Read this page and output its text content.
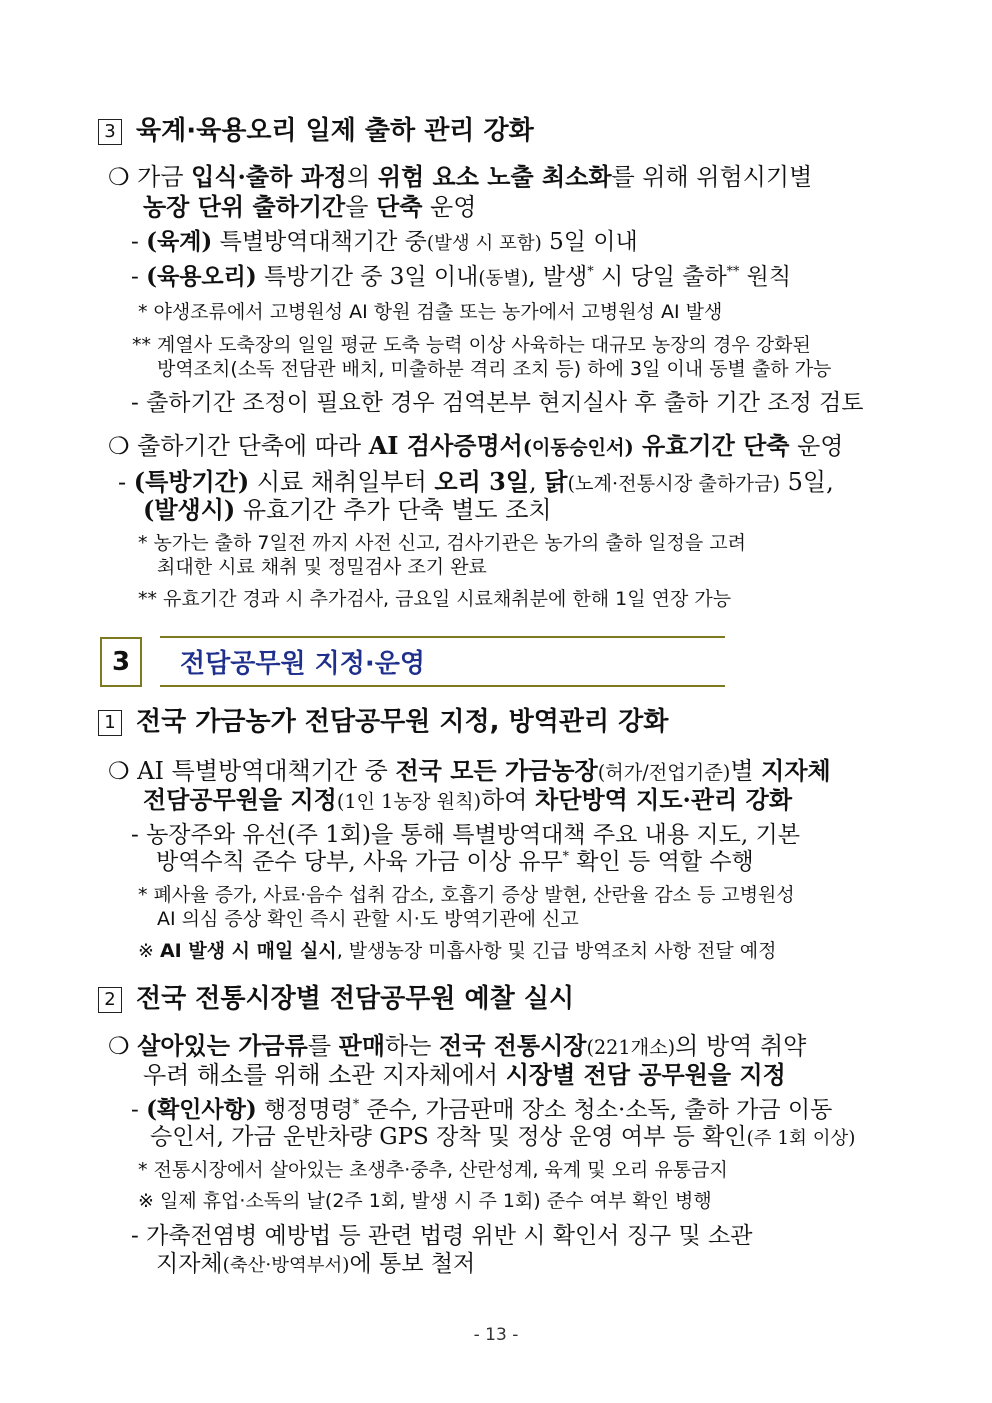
3 육계·육용오리 일제 출하 관리 강화
❍ 가금 입식·출하 과정의 위험 요소 노출 최소화를 위해 위험시기별
농장 단위 출하기간을 단축 운영
- (육계) 특별방역대책기간 중(발생 시 포함) 5일 이내
- (육용오리) 특방기간 중 3일 이내(동별), 발생* 시 당일 출하** 원칙
* 야생조류에서 고병원성 AI 항원 검출 또는 농가에서 고병원성 AI 발생
** 계열사 도축장의 일일 평균 도축 능력 이상 사육하는 대규모 농장의 경우 강화된
방역조치(소독 전담관 배치, 미출하분 격리 조치 등) 하에 3일 이내 동별 출하 가능
- 출하기간 조정이 필요한 경우 검역본부 현지실사 후 출하 기간 조정 검토
❍ 출하기간 단축에 따라 AI 검사증명서(이동승인서) 유효기간 단축 운영
- (특방기간) 시료 채취일부터 오리 3일, 닭(노계·전통시장 출하가금) 5일,
(발생시) 유효기간 추가 단축 별도 조치
* 농가는 출하 7일전 까지 사전 신고, 검사기관은 농가의 출하 일정을 고려
최대한 시료 채취 및 정밀검사 조기 완료
** 유효기간 경과 시 추가검사, 금요일 시료채취분에 한해 1일 연장 가능
3	전담공무원 지정·운영
1 전국 가금농가 전담공무원 지정, 방역관리 강화
❍ AI 특별방역대책기간 중 전국 모든 가금농장(허가/전업기준)별 지자체
전담공무원을 지정(1인 1농장 원칙)하여 차단방역 지도·관리 강화
- 농장주와 유선(주 1회)을 통해 특별방역대책 주요 내용 지도, 기본
방역수칙 준수 당부, 사육 가금 이상 유무* 확인 등 역할 수행
* 폐사율 증가, 사료·음수 섭취 감소, 호흡기 증상 발현, 산란율 감소 등 고병원성
AI 의심 증상 확인 즉시 관할 시·도 방역기관에 신고
※ AI 발생 시 매일 실시, 발생농장 미흡사항 및 긴급 방역조치 사항 전달 예정
2 전국 전통시장별 전담공무원 예찰 실시
❍ 살아있는 가금류를 판매하는 전국 전통시장(221개소)의 방역 취약
우려 해소를 위해 소관 지자체에서 시장별 전담 공무원을 지정
- (확인사항) 행정명령* 준수, 가금판매 장소 청소·소독, 출하 가금 이동
승인서, 가금 운반차량 GPS 장착 및 정상 운영 여부 등 확인(주 1회 이상)
* 전통시장에서 살아있는 초생추·중추, 산란성계, 육계 및 오리 유통금지
※ 일제 휴업·소독의 날(2주 1회, 발생 시 주 1회) 준수 여부 확인 병행
- 가축전염병 예방법 등 관련 법령 위반 시 확인서 징구 및 소관
지자체(축산·방역부서)에 통보 철저
- 13 -
